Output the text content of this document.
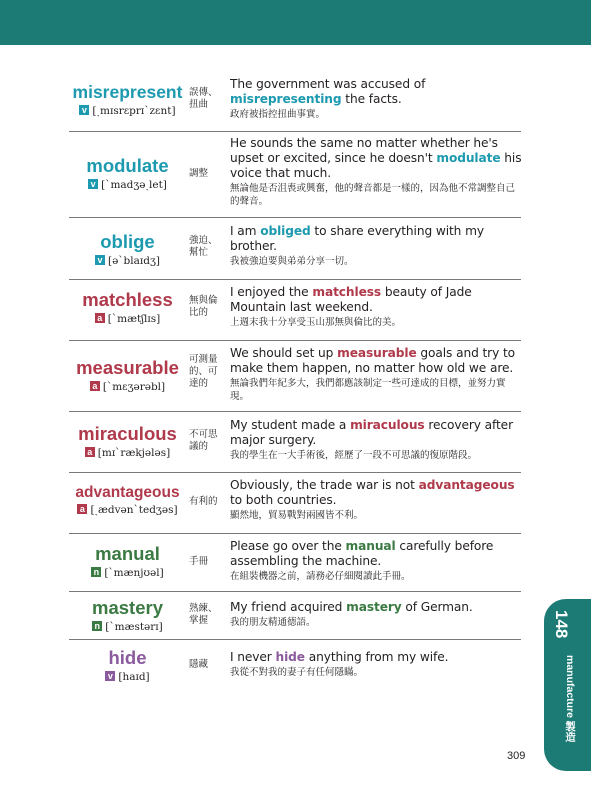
misrepresent
v [ˏmɪsrɛprɪˋzɛnt]
誤傳、扭曲
The government was accused of misrepresenting the facts.
政府被指控扭曲事實。
modulate
v [ˋmadʒəˏlet]
調整
He sounds the same no matter whether he's upset or excited, since he doesn't modulate his voice that much.
無論他是否沮喪或興奮，他的聲音都是一樣的，因為他不常調整自己的聲音。
oblige
v [əˋblaɪdʒ]
強迫、幫忙
I am obliged to share everything with my brother.
我被強迫要與弟弟分享一切。
matchless
a [ˋmætʃlɪs]
無與倫比的
I enjoyed the matchless beauty of Jade Mountain last weekend.
上週末我十分享受玉山那無與倫比的美。
measurable
a [ˋmɛʒərəbl]
可測量的、可達的
We should set up measurable goals and try to make them happen, no matter how old we are.
無論我們年紀多大，我們都應該制定一些可達成的目標，並努力實現。
miraculous
a [mɪˋrækjələs]
不可思議的
My student made a miraculous recovery after major surgery.
我的學生在一大手術後，經歷了一段不可思議的復原階段。
advantageous
a [ˏædvənˋtedʒəs]
有利的
Obviously, the trade war is not advantageous to both countries.
顯然地，貿易戰對兩國皆不利。
manual
n [ˋmænjʊəl]
手冊
Please go over the manual carefully before assembling the machine.
在組裝機器之前，請務必仔細閱讀此手冊。
mastery
n [ˋmæstərɪ]
熟練、掌握
My friend acquired mastery of German.
我的朋友精通德語。
hide
v [haɪd]
隱藏
I never hide anything from my wife.
我從不對我的妻子有任何隱瞞。
148
manufacture 製造
309
